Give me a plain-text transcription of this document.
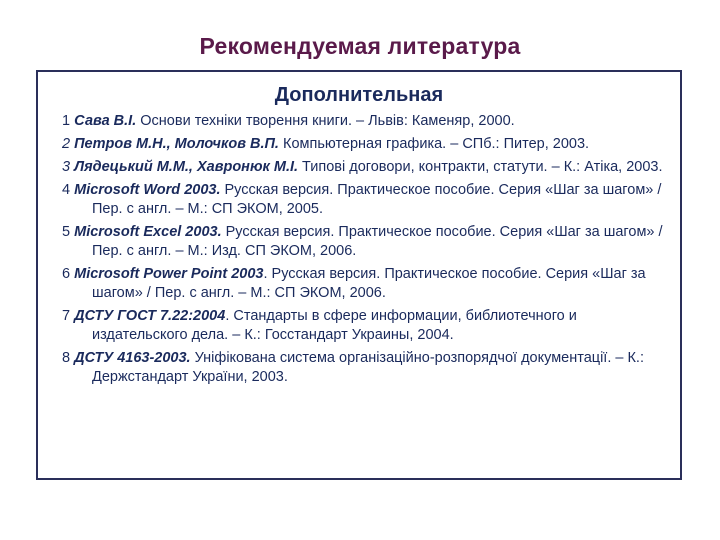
Рекомендуемая литература
Дополнительная
1 Сава В.І. Основи техніки творення книги. – Львів: Каменяр, 2000.
2 Петров М.Н., Молочков В.П. Компьютерная графика. – СПб.: Питер, 2003.
3 Лядецький М.М., Хавронюк М.І. Типові договори, контракти, статути. – К.: Атіка, 2003.
4 Microsoft Word 2003. Русская версия. Практическое пособие. Серия «Шаг за шагом» / Пер. с англ. – М.: СП ЭКОМ, 2005.
5 Microsoft Excel 2003. Русская версия. Практическое пособие. Серия «Шаг за шагом» / Пер. с англ. – М.: Изд. СП ЭКОМ, 2006.
6 Microsoft Power Point 2003. Русская версия. Практическое пособие. Серия «Шаг за шагом» / Пер. с англ. – М.: СП ЭКОМ, 2006.
7 ДСТУ ГОСТ 7.22:2004. Стандарты в сфере информации, библиотечного и издательского дела. – К.: Госстандарт Украины, 2004.
8 ДСТУ 4163-2003. Уніфікована система організаційно-розпорядчої документації. – К.: Держстандарт України, 2003.
